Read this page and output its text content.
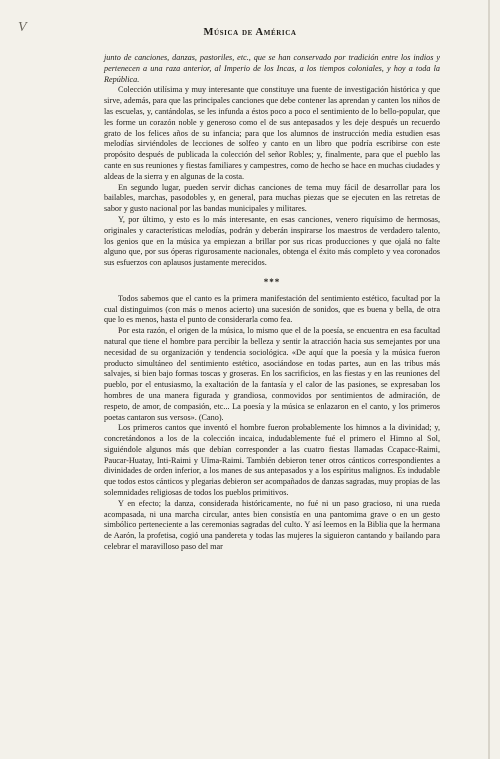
V	Música de América

junto de canciones, danzas, pastoriles, etc., que se han conservado por tradición entre los indios y pertenecen a una raza anterior, al Imperio de los Incas, a los tiempos coloniales, y hoy a toda la República.

Colección utilísima y muy interesante que constituye una fuente de investigación histórica y que sirve, además, para que las principales canciones que debe contener las aprendan y canten los niños de las escuelas, y, cantándolas, se les infunda a éstos poco a poco el sentimiento de lo bello-popular, que les forme un corazón noble y generoso como el de sus antepasados y les deje después un recuerdo grato de los felices años de su infancia; para que los alumnos de instrucción media estudien esas melodías sirviéndoles de lecciones de solfeo y canto en un libro que podría escribirse con este propósito después de publicada la colección del señor Robles; y, finalmente, para que el pueblo las cante en sus reuniones y fiestas familiares y campestres, como de hecho se hace en muchas ciudades y aldeas de la sierra y en algunas de la costa.

En segundo lugar, pueden servir dichas canciones de tema muy fácil de desarrollar para los bailables, marchas, pasodobles y, en general, para muchas piezas que se ejecuten en las retretas de sabor y gusto nacional por las bandas municipales y militares.

Y, por último, y esto es lo más interesante, en esas canciones, venero riquísimo de hermosas, originales y características melodías, podrán y deberán inspirarse los maestros de verdadero talento, los genios que en la música ya empiezan a brillar por sus ricas producciones y que ojalá no falte alguno que, por sus óperas rigurosamente nacionales, obtenga el éxito más completo y vea coronados sus esfuerzos con aplausos justamente merecidos.

***

Todos sabemos que el canto es la primera manifestación del sentimiento estético, facultad por la cual distinguimos (con más o menos acierto) una sucesión de sonidos, que es buena y bella, de otra que lo es menos, hasta el punto de considerarla como fea.

Por esta razón, el origen de la música, lo mismo que el de la poesía, se encuentra en esa facultad natural que tiene el hombre para percibir la belleza y sentir la atracción hacia sus semejantes por una necesidad de su organización y tendencia sociológica. «De aquí que la poesía y la música fueron producto simultáneo del sentimiento estético, asociándose en todas partes, aun en las tribus más salvajes, si bien bajo formas toscas y groseras. En los sacrificios, en las fiestas y en las reuniones del pueblo, por el entusiasmo, la exaltación de la fantasía y el calor de las pasiones, se expresaban los hombres de una manera figurada y grandiosa, conmovidos por sentimientos de admiración, de respeto, de amor, de compasión, etc... La poesía y la música se enlazaron en el canto, y los primeros poetas cantaron sus versos». (Cano).

Los primeros cantos que inventó el hombre fueron probablemente los himnos a la divinidad; y, concretándonos a los de la colección incaica, indudablemente fué el primero el Himno al Sol, siguiéndole algunos más que debían corresponder a las cuatro fiestas llamadas Ccapacc-Raimi, Paucar-Huatay, Inti-Raimi y Uïma-Raimi. También debieron tener otros cánticos correspondientes a divinidades de orden inferior, a los manes de sus antepasados y a los espíritus malignos. Es indudable que todos estos cánticos y plegarias debieron ser acompañados de danzas sagradas, muy propias de las solemnidades religiosas de todos los pueblos primitivos.

Y en efecto; la danza, considerada históricamente, no fué ni un paso gracioso, ni una rueda acompasada, ni una marcha circular, antes bien consistía en una pantomima grave o en un gesto simbólico perteneciente a las ceremonias sagradas del culto. Y así leemos en la Biblia que la hermana de Aarón, la profetisa, cogió una pandereta y todas las mujeres la siguieron cantando y bailando para celebrar el maravilloso paso del mar
